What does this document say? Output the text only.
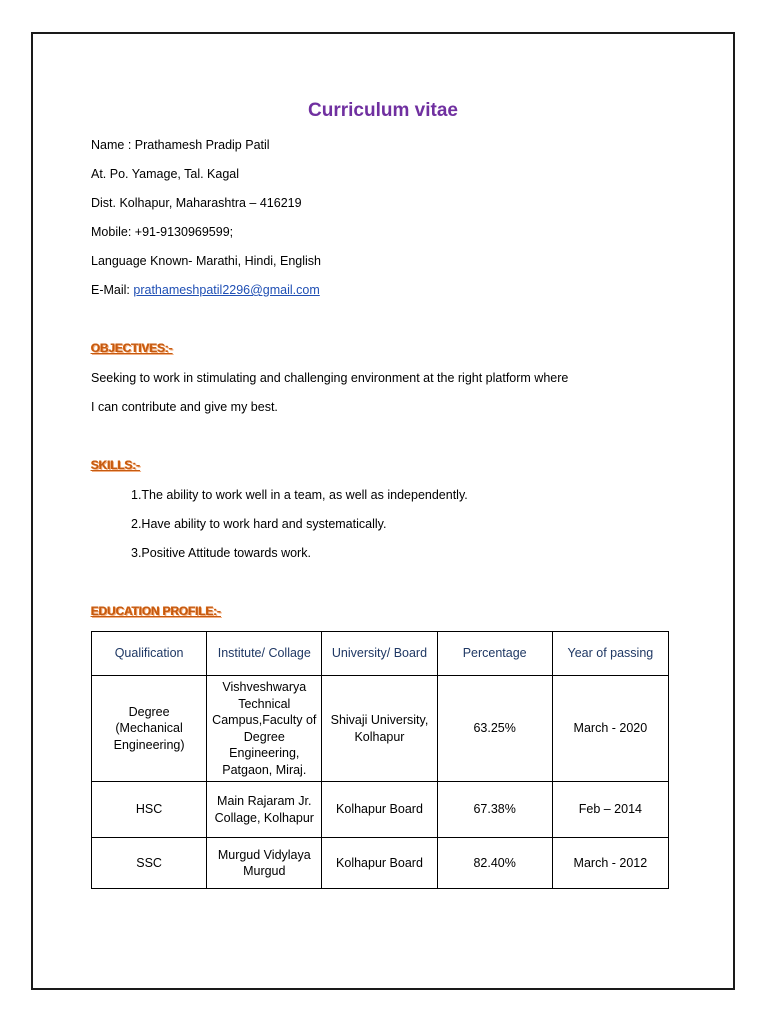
Curriculum vitae
Name : Prathamesh Pradip Patil
At. Po. Yamage, Tal. Kagal
Dist. Kolhapur, Maharashtra – 416219
Mobile: +91-9130969599;
Language Known- Marathi, Hindi, English
E-Mail: prathameshpatil2296@gmail.com
OBJECTIVES:-
Seeking to work in stimulating and challenging environment at the right platform where
I can contribute and give my best.
SKILLS:-
1.The ability to work well in a team, as well as independently.
2.Have ability to work hard and systematically.
3.Positive Attitude towards work.
EDUCATION PROFILE:-
Qualification	Institute/ Collage	University/ Board	Percentage	Year of passing
Degree (Mechanical Engineering)	Vishveshwarya Technical Campus,Faculty of Degree Engineering, Patgaon, Miraj.	Shivaji University, Kolhapur	63.25%	March - 2020
HSC	Main Rajaram Jr. Collage, Kolhapur	Kolhapur Board	67.38%	Feb – 2014
SSC	Murgud Vidylaya Murgud	Kolhapur Board	82.40%	March - 2012
